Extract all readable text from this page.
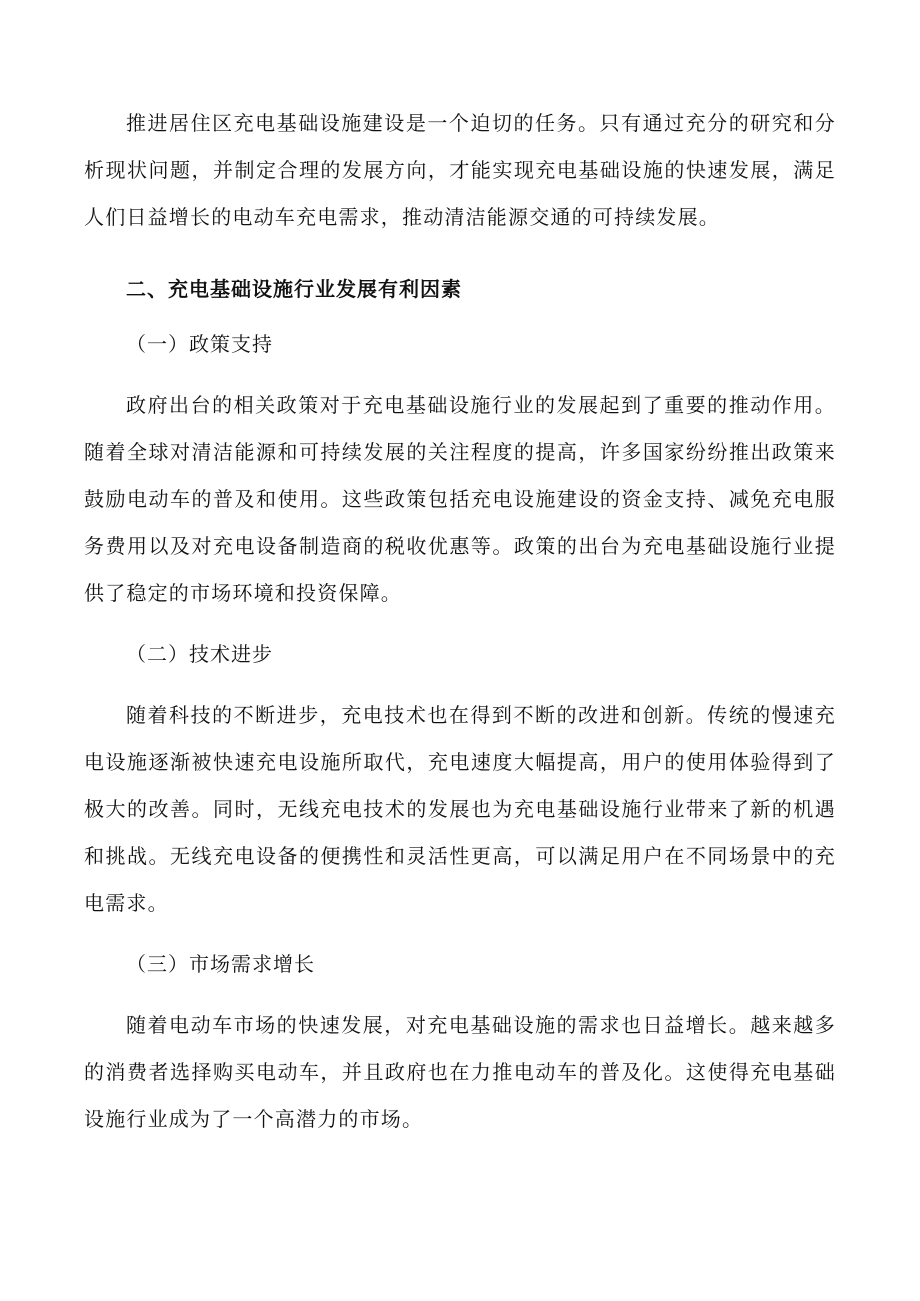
推进居住区充电基础设施建设是一个迫切的任务。只有通过充分的研究和分析现状问题，并制定合理的发展方向，才能实现充电基础设施的快速发展，满足人们日益增长的电动车充电需求，推动清洁能源交通的可持续发展。

二、充电基础设施行业发展有利因素

（一）政策支持

政府出台的相关政策对于充电基础设施行业的发展起到了重要的推动作用。随着全球对清洁能源和可持续发展的关注程度的提高，许多国家纷纷推出政策来鼓励电动车的普及和使用。这些政策包括充电设施建设的资金支持、减免充电服务费用以及对充电设备制造商的税收优惠等。政策的出台为充电基础设施行业提供了稳定的市场环境和投资保障。

（二）技术进步

随着科技的不断进步，充电技术也在得到不断的改进和创新。传统的慢速充电设施逐渐被快速充电设施所取代，充电速度大幅提高，用户的使用体验得到了极大的改善。同时，无线充电技术的发展也为充电基础设施行业带来了新的机遇和挑战。无线充电设备的便携性和灵活性更高，可以满足用户在不同场景中的充电需求。

（三）市场需求增长

随着电动车市场的快速发展，对充电基础设施的需求也日益增长。越来越多的消费者选择购买电动车，并且政府也在力推电动车的普及化。这使得充电基础设施行业成为了一个高潜力的市场。
